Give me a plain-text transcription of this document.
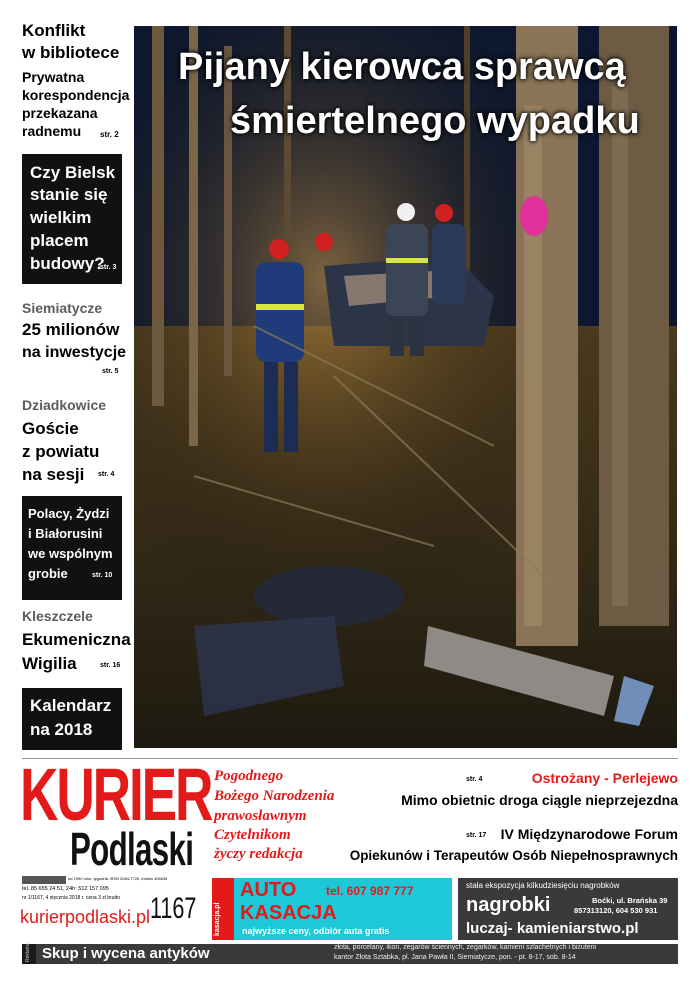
Konflikt
w bibliotece
Prywatna
korespondencja
przekazana
radnemu str. 2
Czy Bielsk
stanie się
wielkim
placem
budowy?
str. 3
Siemiatycze
25 milionów
na inwestycje
str. 5
Dziadkowice
Goście
z powiatu
na sesji str. 4
Polacy, Żydzi
i Białorusini
we wspólnym
grobie	str. 10
Kleszczele
Ekumeniczna
Wigilia	str. 16
Kalendarz
na 2018
Pijany kierowca sprawcą
śmiertelnego wypadku
KURIER
Podlaski
od 1990 roku, tygodnik ISSN 2084-7726, indeks 406635
tel. 85 655 24 51, 24h: 512 157 095
nr 1/1167, 4 stycznia 2018 r. cena 3 zł brutto
kurierpodlaski.pl 1167
Pogodnego
Bożego Narodzenia
prawosławnym
Czytelnikom
życzy redakcja
str. 4	Ostrożany - Perlejewo
Mimo obietnic droga ciągle nieprzejezdna
str. 17 IV Międzynarodowe Forum
Opiekunów i Terapeutów Osób Niepełnosprawnych
kasacja.pl
AUTO tel. 607 987 777
KASACJA
najwyższe ceny, odbiór auta gratis
stała ekspozycja kilkudziesięciu nagrobków
nagrobki	Boćki, ul. Brańska 39
857313120, 604 530 931
luczaj- kamieniarstwo.pl
Reklama Skup i wycena antyków	złota, porcelany, ikon, zegarów ściennych, zegarków, kamieni szlachetnych i biżuterii
kantor Złota Sztabka, pl. Jana Pawła II, Siemiatycze, pon. - pt. 8-17, sob. 8-14
